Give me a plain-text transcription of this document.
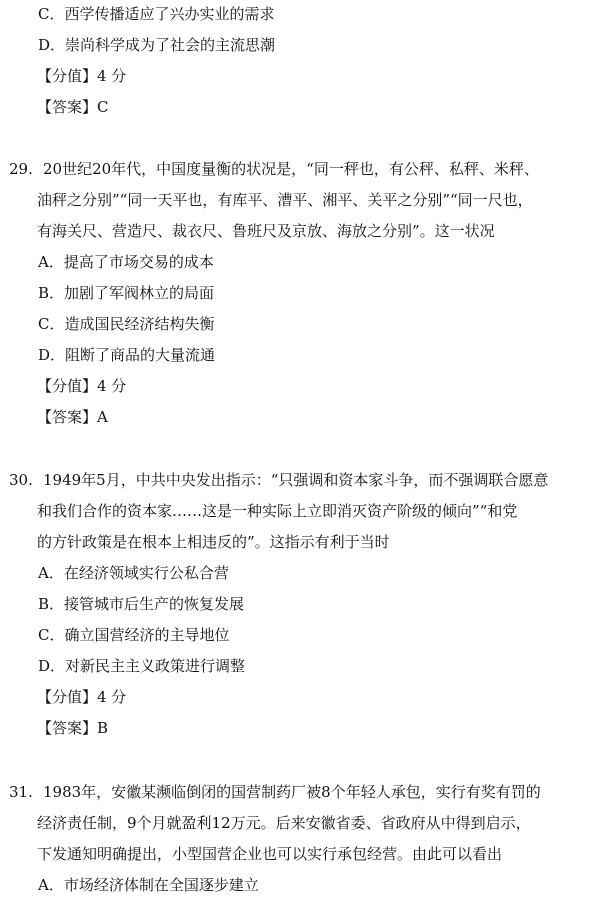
C．西学传播适应了兴办实业的需求
D．崇尚科学成为了社会的主流思潮
【分值】4 分
【答案】C
29. 20世纪20年代，中国度量衡的状况是，“同一秤也，有公秤、私秤、米秤、
油秤之分别”“同一天平也，有库平、漕平、湘平、关平之分别”“同一尺也，
有海关尺、营造尺、裁衣尺、鲁班尺及京放、海放之分别”。这一状况
A．提高了市场交易的成本
B．加剧了军阀林立的局面
C．造成国民经济结构失衡
D．阻断了商品的大量流通
【分值】4 分
【答案】A
30. 1949年5月，中共中央发出指示：“只强调和资本家斗争，而不强调联合愿意
和我们合作的资本家……这是一种实际上立即消灭资产阶级的倾向”“和党
的方针政策是在根本上相违反的”。这指示有利于当时
A．在经济领域实行公私合营
B．接管城市后生产的恢复发展
C．确立国营经济的主导地位
D．对新民主主义政策进行调整
【分值】4 分
【答案】B
31. 1983年，安徽某濒临倒闭的国营制药厂被8个年轻人承包，实行有奖有罚的
经济责任制，9个月就盈利12万元。后来安徽省委、省政府从中得到启示，
下发通知明确提出，小型国营企业也可以实行承包经营。由此可以看出
A．市场经济体制在全国逐步建立
